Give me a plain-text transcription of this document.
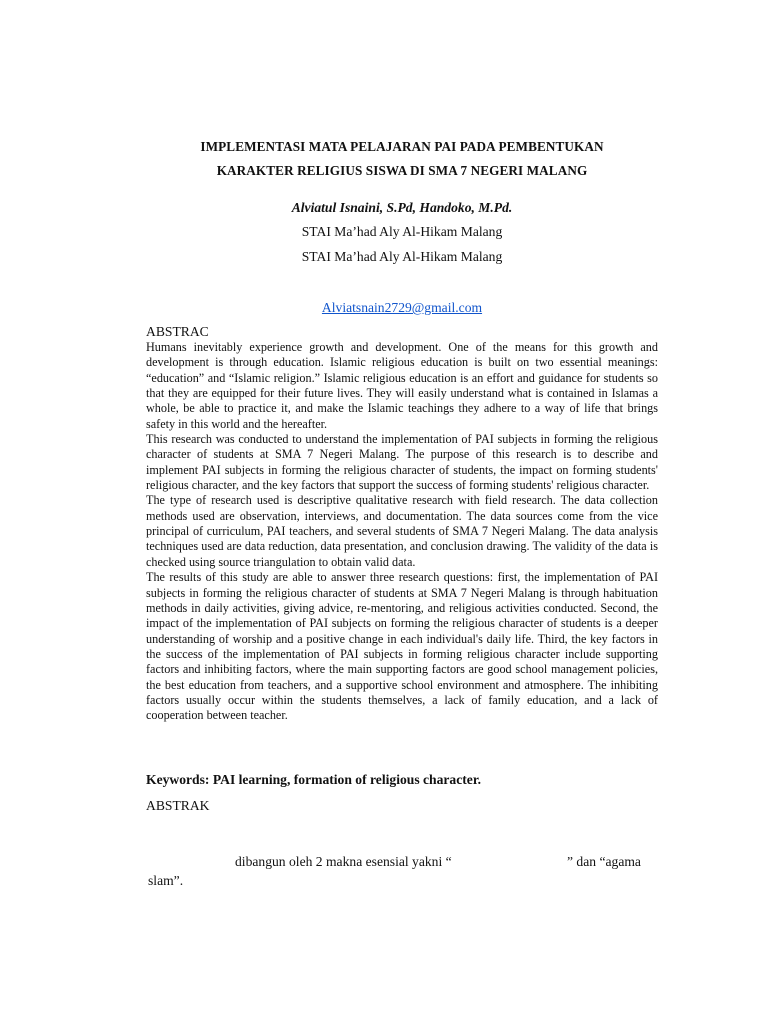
IMPLEMENTASI MATA PELAJARAN PAI PADA PEMBENTUKAN
KARAKTER RELIGIUS SISWA DI SMA 7 NEGERI MALANG
Alviatul Isnaini, S.Pd, Handoko, M.Pd.
STAI Ma’had Aly Al-Hikam Malang
STAI Ma’had Aly Al-Hikam Malang
Alviatsnain2729@gmail.com
ABSTRAC

Humans inevitably experience growth and development. One of the means for this growth and development is through education. Islamic religious education is built on two essential meanings: “education” and “Islamic religion.” Islamic religious education is an effort and guidance for students so that they are equipped for their future lives. They will easily understand what is contained in Islamas a whole, be able to practice it, and make the Islamic teachings they adhere to a way of life that brings safety in this world and the hereafter.

This research was conducted to understand the implementation of PAI subjects in forming the religious character of students at SMA 7 Negeri Malang. The purpose of this research is to describe and implement PAI subjects in forming the religious character of students, the impact on forming students' religious character, and the key factors that support the success of forming students' religious character.

The type of research used is descriptive qualitative research with field research. The data collection methods used are observation, interviews, and documentation. The data sources come from the vice principal of curriculum, PAI teachers, and several students of SMA 7 Negeri Malang. The data analysis techniques used are data reduction, data presentation, and conclusion drawing. The validity of the data is checked using source triangulation to obtain valid data.

The results of this study are able to answer three research questions: first, the implementation of PAI subjects in forming the religious character of students at SMA 7 Negeri Malang is through habituation methods in daily activities, giving advice, re-mentoring, and religious activities conducted. Second, the impact of the implementation of PAI subjects on forming the religious character of students is a deeper understanding of worship and a positive change in each individual's daily life. Third, the key factors in the success of the implementation of PAI subjects in forming religious character include supporting factors and inhibiting factors, where the main supporting factors are good school management policies, the best education from teachers, and a supportive school environment and atmosphere. The inhibiting factors usually occur within the students themselves, a lack of family education, and a lack of cooperation between teacher.

Keywords: PAI learning, formation of religious character.
ABSTRAK
dibangun oleh 2 makna esensial yakni “	” dan “agama
slam”.
